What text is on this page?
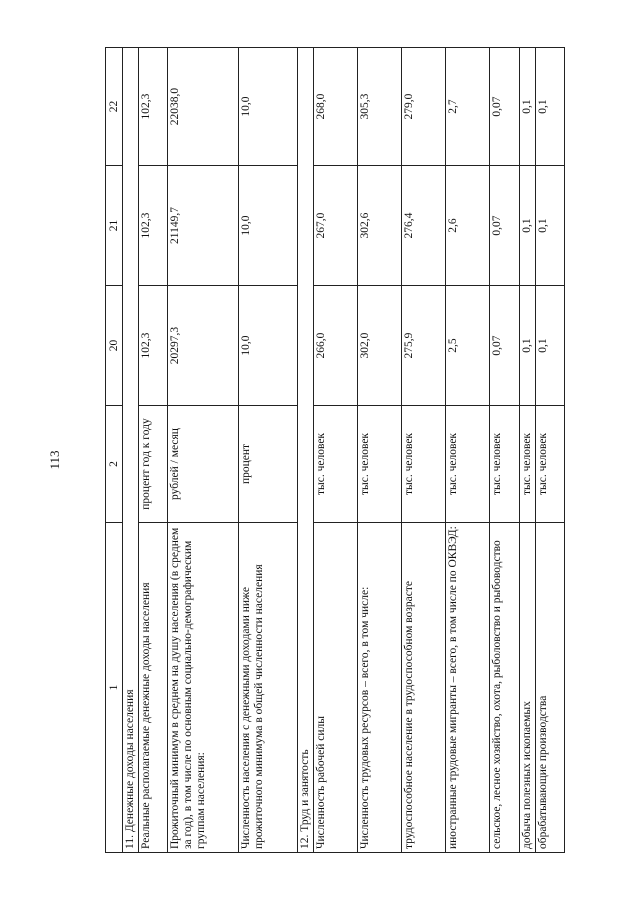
113
1	2	20	21	22
11. Денежные доходы населения				
Реальные располагаемые денежные доходы населения	процент год к году	102,3	102,3	102,3
Прожиточный минимум в среднем на душу населения (в среднем за год), в том числе по основным социально-демографическим группам населения:	рублей / месяц	20297,3	21149,7	22038,0
Численность населения с денежными доходами ниже прожиточного минимума в общей численности населения	процент	10,0	10,0	10,0
12. Труд и занятость				
Численность рабочей силы	тыс. человек	266,0	267,0	268,0
Численность трудовых ресурсов – всего, в том числе:	тыс. человек	302,0	302,6	305,3
трудоспособное население в трудоспособном возрасте	тыс. человек	275,9	276,4	279,0
иностранные трудовые мигранты – всего, в том числе по ОКВЭД:	тыс. человек	2,5	2,6	2,7
сельское, лесное хозяйство, охота, рыболовство и рыбоводство	тыс. человек	0,07	0,07	0,07
добыча полезных ископаемых	тыс. человек	0,1	0,1	0,1
обрабатывающие производства	тыс. человек	0,1	0,1	0,1
